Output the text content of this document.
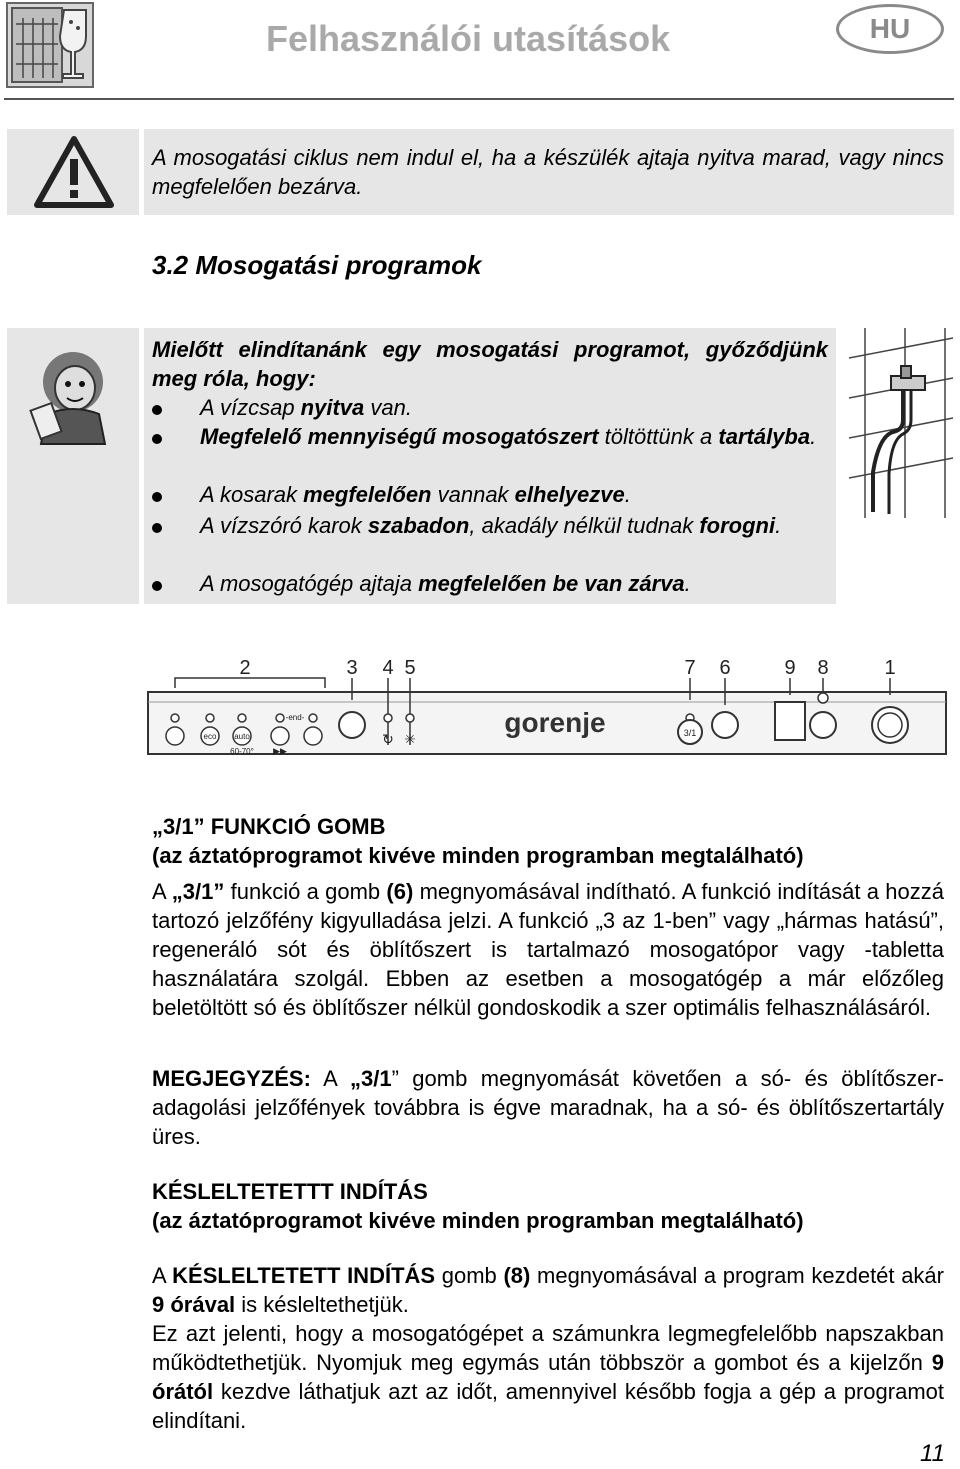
Felhasználói utasítások	HU
A mosogatási ciklus nem indul el, ha a készülék ajtaja nyitva marad, vagy nincs megfelelően bezárva.
3.2 Mosogatási programok
Mielőtt elindítanánk egy mosogatási programot, győződjünk meg róla, hogy:
A vízcsap nyitva van.
Megfelelő mennyiségű mosogatószert töltöttünk a tartályba.
A kosarak megfelelően vannak elhelyezve.
A vízszóró karok szabadon, akadály nélkül tudnak forogni.
A mosogatógép ajtaja megfelelően be van zárva.
2	3 4 5	7 6	9 8	1
eco auto
60-70°
-end-
▶▶
↻ ✳
gorenje	3/1
„3/1” FUNKCIÓ GOMB
(az áztatóprogramot kivéve minden programban megtalálható)
A „3/1” funkció a gomb (6) megnyomásával indítható. A funkció indítását a hozzá tartozó jelzőfény kigyulladása jelzi. A funkció „3 az 1-ben” vagy „hármas hatású”, regeneráló sót és öblítőszert is tartalmazó mosogatópor vagy -tabletta használatára szolgál. Ebben az esetben a mosogatógép a már előzőleg beletöltött só és öblítőszer nélkül gondoskodik a szer optimális felhasználásáról.
MEGJEGYZÉS: A „3/1” gomb megnyomását követően a só- és öblítőszer-adagolási jelzőfények továbbra is égve maradnak, ha a só- és öblítőszertartály üres.
KÉSLELTETETTT INDÍTÁS
(az áztatóprogramot kivéve minden programban megtalálható)
A KÉSLELTETETT INDÍTÁS gomb (8) megnyomásával a program kezdetét akár 9 órával is késleltethetjük.
Ez azt jelenti, hogy a mosogatógépet a számunkra legmegfelelőbb napszakban működtethetjük. Nyomjuk meg egymás után többször a gombot és a kijelzőn 9 órától kezdve láthatjuk azt az időt, amennyivel később fogja a gép a programot elindítani.
11
